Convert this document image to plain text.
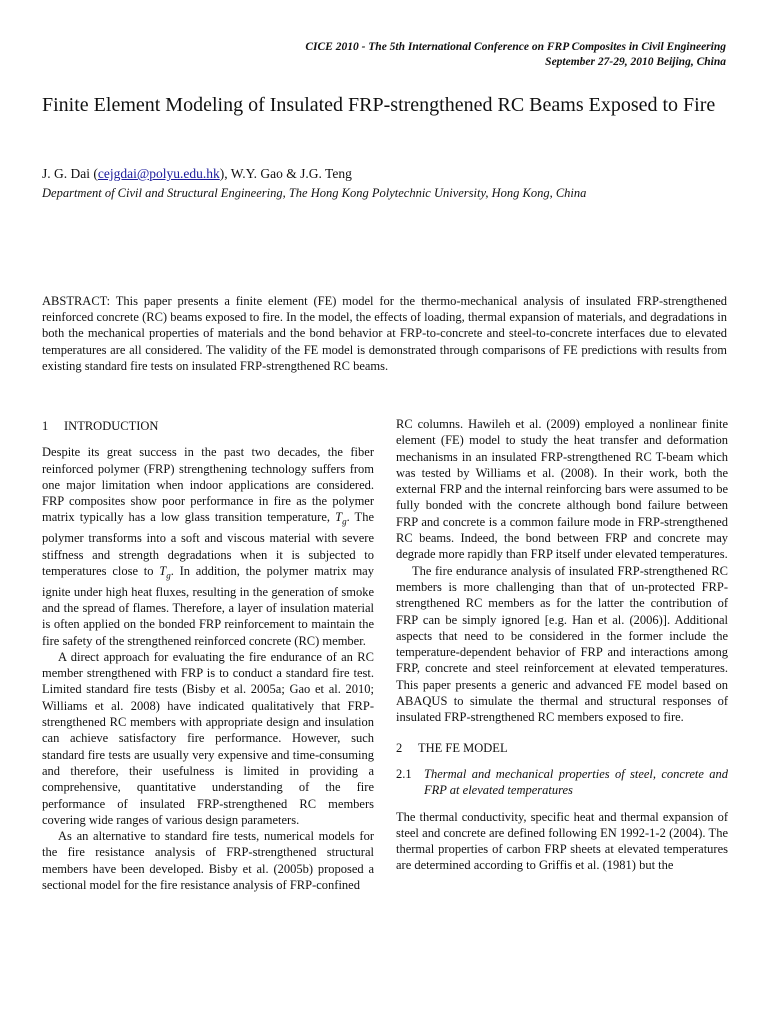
CICE 2010 - The 5th International Conference on FRP Composites in Civil Engineering
September 27-29, 2010 Beijing, China
Finite Element Modeling of Insulated FRP-strengthened RC Beams Exposed to Fire
J. G. Dai (cejgdai@polyu.edu.hk), W.Y. Gao & J.G. Teng
Department of Civil and Structural Engineering, The Hong Kong Polytechnic University, Hong Kong, China

ABSTRACT: This paper presents a finite element (FE) model for the thermo-mechanical analysis of insulated FRP-strengthened reinforced concrete (RC) beams exposed to fire. In the model, the effects of loading, thermal expansion of materials, and degradations in both the mechanical properties of materials and the bond behavior at FRP-to-concrete and steel-to-concrete interfaces due to elevated temperatures are all considered. The validity of the FE model is demonstrated through comparisons of FE predictions with results from existing standard fire tests on insulated FRP-strengthened RC beams.

1 INTRODUCTION

Despite its great success in the past two decades, the fiber reinforced polymer (FRP) strengthening technology suffers from one major limitation when indoor applications are considered. FRP composites show poor performance in fire as the polymer matrix typically has a low glass transition temperature, $T_g$. The polymer transforms into a soft and viscous material with severe stiffness and strength degradations when it is subjected to temperatures close to $T_g$. In addition, the polymer matrix may ignite under high heat fluxes, resulting in the generation of smoke and the spread of flames. Therefore, a layer of insulation material is often applied on the bonded FRP reinforcement to maintain the fire safety of the strengthened reinforced concrete (RC) member.

A direct approach for evaluating the fire endurance of an RC member strengthened with FRP is to conduct a standard fire test. Limited standard fire tests (Bisby et al. 2005a; Gao et al. 2010; Williams et al. 2008) have indicated qualitatively that FRP-strengthened RC members with appropriate design and insulation can achieve satisfactory fire performance. However, such standard fire tests are usually very expensive and time-consuming and therefore, their usefulness is limited in providing a comprehensive, quantitative understanding of the fire performance of insulated FRP-strengthened RC members covering wide ranges of various design parameters.

As an alternative to standard fire tests, numerical models for the fire resistance analysis of FRP-strengthened structural members have been developed. Bisby et al. (2005b) proposed a sectional model for the fire resistance analysis of FRP-confined

RC columns. Hawileh et al. (2009) employed a nonlinear finite element (FE) model to study the heat transfer and deformation mechanisms in an insulated FRP-strengthened RC T-beam which was tested by Williams et al. (2008). In their work, both the external FRP and the internal reinforcing bars were assumed to be fully bonded with the concrete although bond failure between FRP and concrete is a common failure mode in FRP-strengthened RC beams. Indeed, the bond between FRP and concrete may degrade more rapidly than FRP itself under elevated temperatures.

The fire endurance analysis of insulated FRP-strengthened RC members is more challenging than that of un-protected FRP-strengthened RC members as for the latter the contribution of FRP can be simply ignored [e.g. Han et al. (2006)]. Additional aspects that need to be considered in the former include the temperature-dependent behavior of FRP and interactions among FRP, concrete and steel reinforcement at elevated temperatures. This paper presents a generic and advanced FE model based on ABAQUS to simulate the thermal and structural responses of insulated FRP-strengthened RC members exposed to fire.

2 THE FE MODEL
2.1 Thermal and mechanical properties of steel, concrete and FRP at elevated temperatures

The thermal conductivity, specific heat and thermal expansion of steel and concrete are defined following EN 1992-1-2 (2004). The thermal properties of carbon FRP sheets at elevated temperatures are determined according to Griffis et al. (1981) but the
